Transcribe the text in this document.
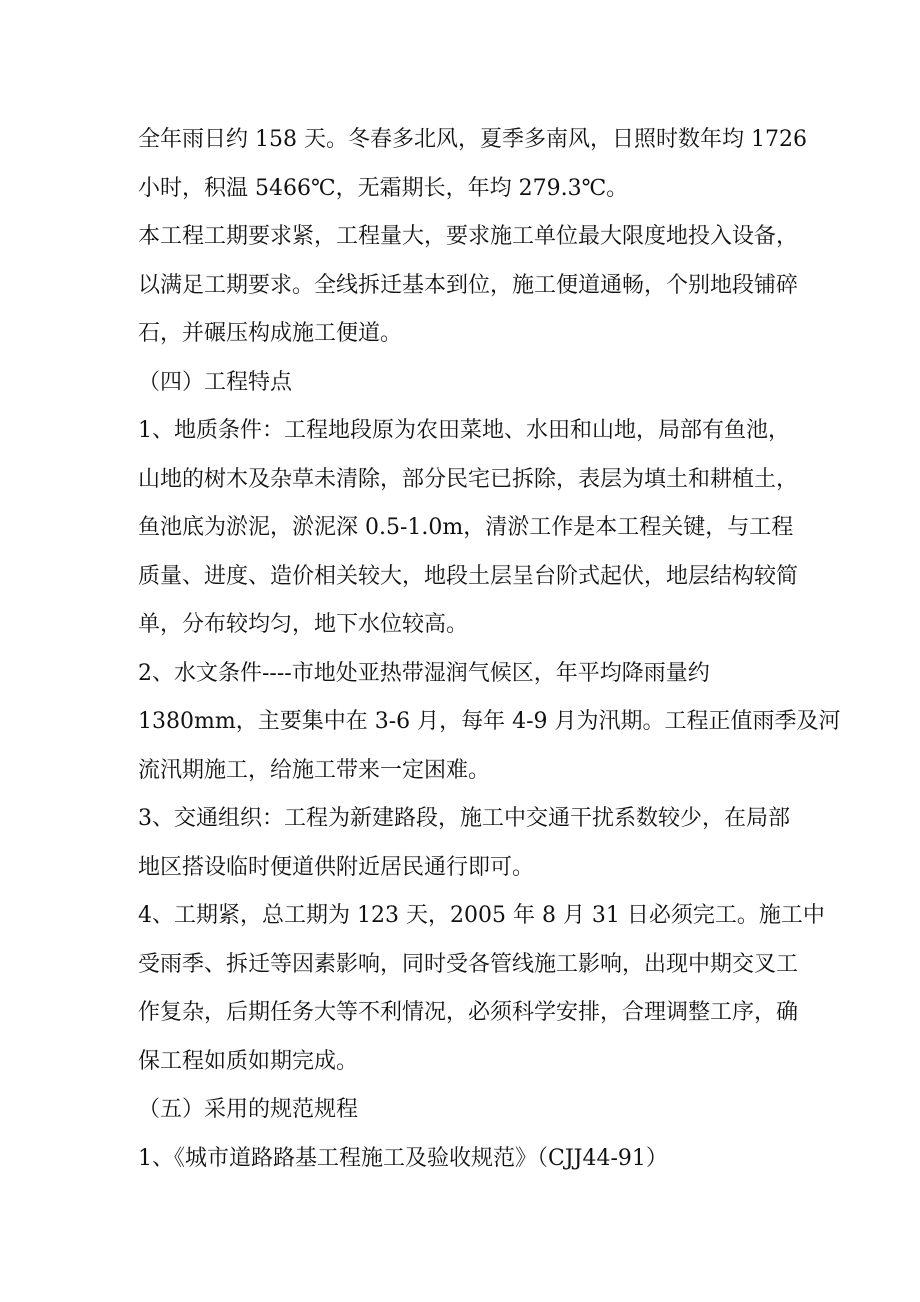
全年雨日约 158 天。冬春多北风，夏季多南风，日照时数年均 1726
小时，积温 5466℃，无霜期长，年均 279.3℃。
本工程工期要求紧，工程量大，要求施工单位最大限度地投入设备，
以满足工期要求。全线拆迁基本到位，施工便道通畅，个别地段铺碎
石，并碾压构成施工便道。
（四）工程特点
1、地质条件：工程地段原为农田菜地、水田和山地，局部有鱼池，
山地的树木及杂草未清除，部分民宅已拆除，表层为填土和耕植土，
鱼池底为淤泥，淤泥深 0.5-1.0m，清淤工作是本工程关键，与工程
质量、进度、造价相关较大，地段土层呈台阶式起伏，地层结构较简
单，分布较均匀，地下水位较高。
2、水文条件----市地处亚热带湿润气候区，年平均降雨量约
1380mm，主要集中在 3-6 月，每年 4-9 月为汛期。工程正值雨季及河
流汛期施工，给施工带来一定困难。
3、交通组织：工程为新建路段，施工中交通干扰系数较少，在局部
地区搭设临时便道供附近居民通行即可。
4、工期紧，总工期为 123 天，2005 年 8 月 31 日必须完工。施工中
受雨季、拆迁等因素影响，同时受各管线施工影响，出现中期交叉工
作复杂，后期任务大等不利情况，必须科学安排，合理调整工序，确
保工程如质如期完成。
（五）采用的规范规程
1、《城市道路路基工程施工及验收规范》（CJJ44-91）
